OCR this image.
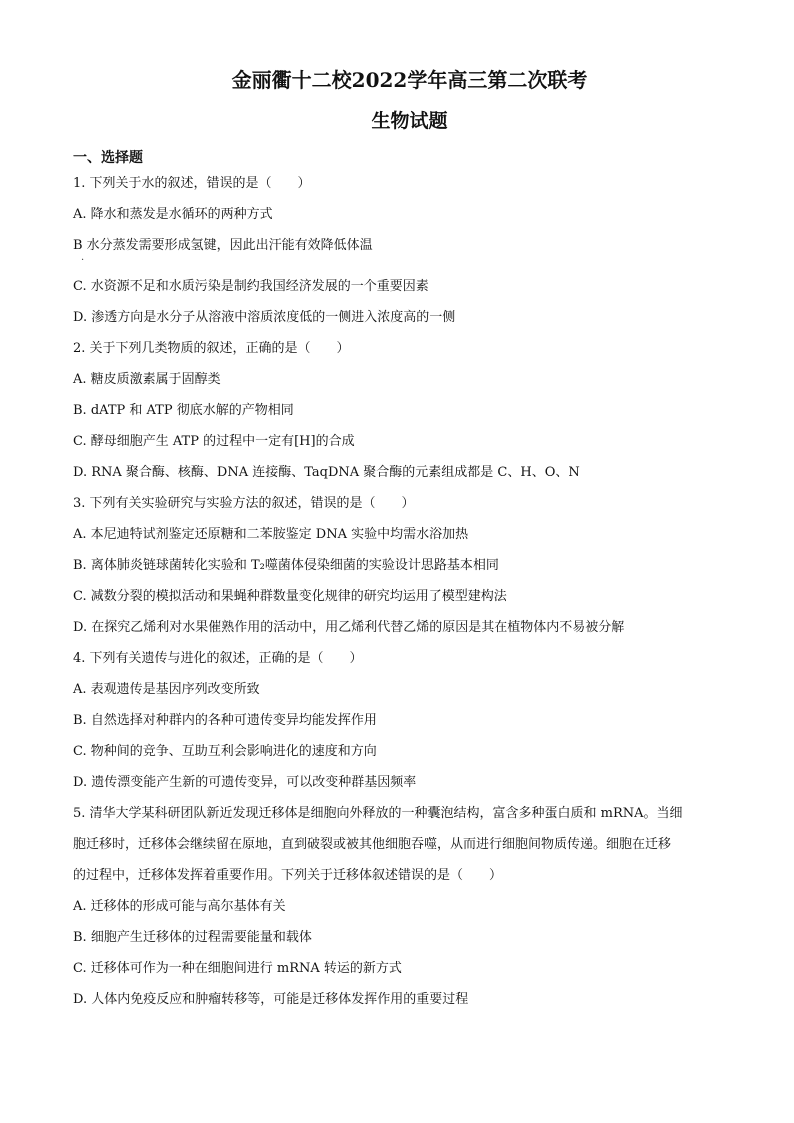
金丽衢十二校2022学年高三第二次联考
生物试题
一、选择题

1. 下列关于水的叙述，错误的是（　　）

A. 降水和蒸发是水循环的两种方式

B 水分蒸发需要形成氢键，因此出汗能有效降低体温

·

C. 水资源不足和水质污染是制约我国经济发展的一个重要因素

D. 渗透方向是水分子从溶液中溶质浓度低的一侧进入浓度高的一侧

2. 关于下列几类物质的叙述，正确的是（　　）

A. 糖皮质激素属于固醇类

B. dATP 和 ATP 彻底水解的产物相同

C. 酵母细胞产生 ATP 的过程中一定有[H]的合成

D. RNA 聚合酶、核酶、DNA 连接酶、TaqDNA 聚合酶的元素组成都是 C、H、O、N

3. 下列有关实验研究与实验方法的叙述，错误的是（　　）

A. 本尼迪特试剂鉴定还原糖和二苯胺鉴定 DNA 实验中均需水浴加热

B. 离体肺炎链球菌转化实验和 T₂噬菌体侵染细菌的实验设计思路基本相同

C. 减数分裂的模拟活动和果蝇种群数量变化规律的研究均运用了模型建构法

D. 在探究乙烯利对水果催熟作用的活动中，用乙烯利代替乙烯的原因是其在植物体内不易被分解

4. 下列有关遗传与进化的叙述，正确的是（　　）

A. 表观遗传是基因序列改变所致

B. 自然选择对种群内的各种可遗传变异均能发挥作用

C. 物种间的竞争、互助互利会影响进化的速度和方向

D. 遗传漂变能产生新的可遗传变异，可以改变种群基因频率

5. 清华大学某科研团队新近发现迁移体是细胞向外释放的一种囊泡结构，富含多种蛋白质和 mRNA。当细

胞迁移时，迁移体会继续留在原地，直到破裂或被其他细胞吞噬，从而进行细胞间物质传递。细胞在迁移

的过程中，迁移体发挥着重要作用。下列关于迁移体叙述错误的是（　　）

A. 迁移体的形成可能与高尔基体有关

B. 细胞产生迁移体的过程需要能量和载体

C. 迁移体可作为一种在细胞间进行 mRNA 转运的新方式

D. 人体内免疫反应和肿瘤转移等，可能是迁移体发挥作用的重要过程
